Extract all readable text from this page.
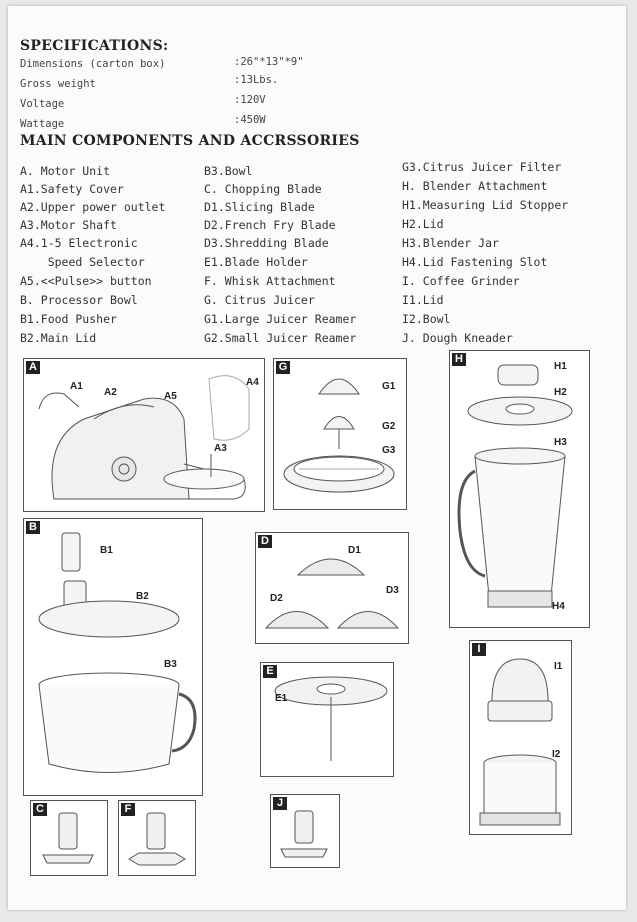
SPECIFICATIONS:
Dimensions (carton box)	:26"*13"*9"
Gross weight	:13Lbs.
Voltage	:120V
Wattage	:450W
MAIN COMPONENTS AND ACCRSSORIES
A. Motor Unit
A1.Safety Cover
A2.Upper power outlet
A3.Motor Shaft
A4.1-5 Electronic
Speed Selector
A5.<<Pulse>> button
B. Processor Bowl
B1.Food Pusher
B2.Main Lid
B3.Bowl
C. Chopping Blade
D1.Slicing Blade
D2.French Fry Blade
D3.Shredding Blade
E1.Blade Holder
F. Whisk Attachment
G. Citrus Juicer
G1.Large Juicer Reamer
G2.Small Juicer Reamer
G3.Citrus Juicer Filter
H. Blender Attachment
H1.Measuring Lid Stopper
H2.Lid
H3.Blender Jar
H4.Lid Fastening Slot
I. Coffee Grinder
I1.Lid
I2.Bowl
J. Dough Kneader
A
A1
A2	A5
A3
A4
G
G1
G2
G3
H
H1
H2
H3
H4
B
B1
B2
B3
D
D1
D2
D3
E
E1
I
I1
I2
C	F	J
